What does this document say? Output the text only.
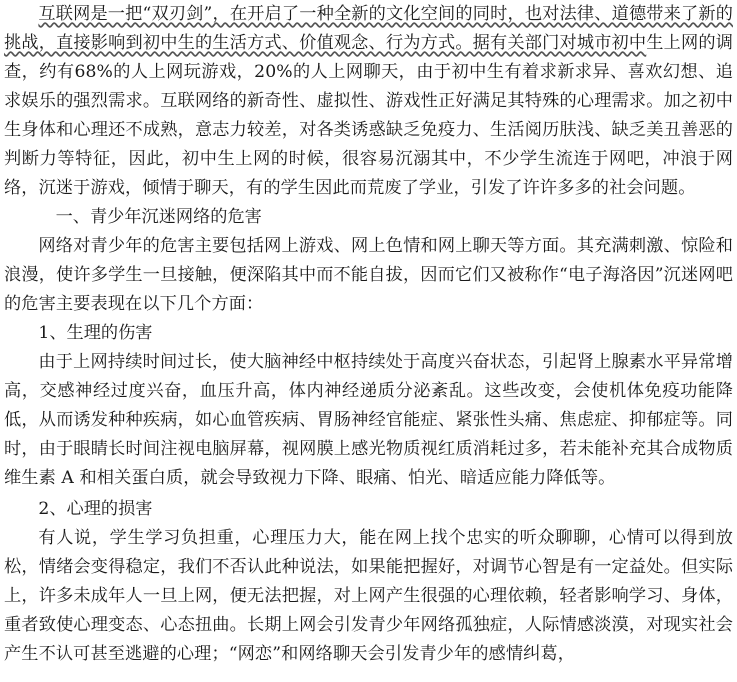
互联网是一把“双刃剑”，在开启了一种全新的文化空间的同时，也对法律、道德带来了新的挑战，直接影响到初中生的生活方式、价值观念、行为方式。据有关部门对城市初中生上网的调查，约有68%的人上网玩游戏，20%的人上网聊天，由于初中生有着求新求异、喜欢幻想、追求娱乐的强烈需求。互联网络的新奇性、虚拟性、游戏性正好满足其特殊的心理需求。加之初中生身体和心理还不成熟，意志力较差，对各类诱惑缺乏免疫力、生活阅历肤浅、缺乏美丑善恶的判断力等特征，因此，初中生上网的时候，很容易沉溺其中，不少学生流连于网吧，冲浪于网络，沉迷于游戏，倾情于聊天，有的学生因此而荒废了学业，引发了许许多多的社会问题。

一、青少年沉迷网络的危害

网络对青少年的危害主要包括网上游戏、网上色情和网上聊天等方面。其充满刺激、惊险和浪漫，使许多学生一旦接触，便深陷其中而不能自拔，因而它们又被称作“电子海洛因”沉迷网吧的危害主要表现在以下几个方面：

1、生理的伤害

由于上网持续时间过长，使大脑神经中枢持续处于高度兴奋状态，引起肾上腺素水平异常增高，交感神经过度兴奋，血压升高，体内神经递质分泌紊乱。这些改变，会使机体免疫功能降低，从而诱发种种疾病，如心血管疾病、胃肠神经官能症、紧张性头痛、焦虑症、抑郁症等。同时，由于眼睛长时间注视电脑屏幕，视网膜上感光物质视红质消耗过多，若未能补充其合成物质维生素 A 和相关蛋白质，就会导致视力下降、眼痛、怕光、暗适应能力降低等。

2、心理的损害

有人说，学生学习负担重，心理压力大，能在网上找个忠实的听众聊聊，心情可以得到放松，情绪会变得稳定，我们不否认此种说法，如果能把握好，对调节心智是有一定益处。但实际上，许多未成年人一旦上网，便无法把握，对上网产生很强的心理依赖，轻者影响学习、身体，重者致使心理变态、心态扭曲。长期上网会引发青少年网络孤独症，人际情感淡漠，对现实社会产生不认可甚至逃避的心理；“网恋”和网络聊天会引发青少年的感情纠葛，
